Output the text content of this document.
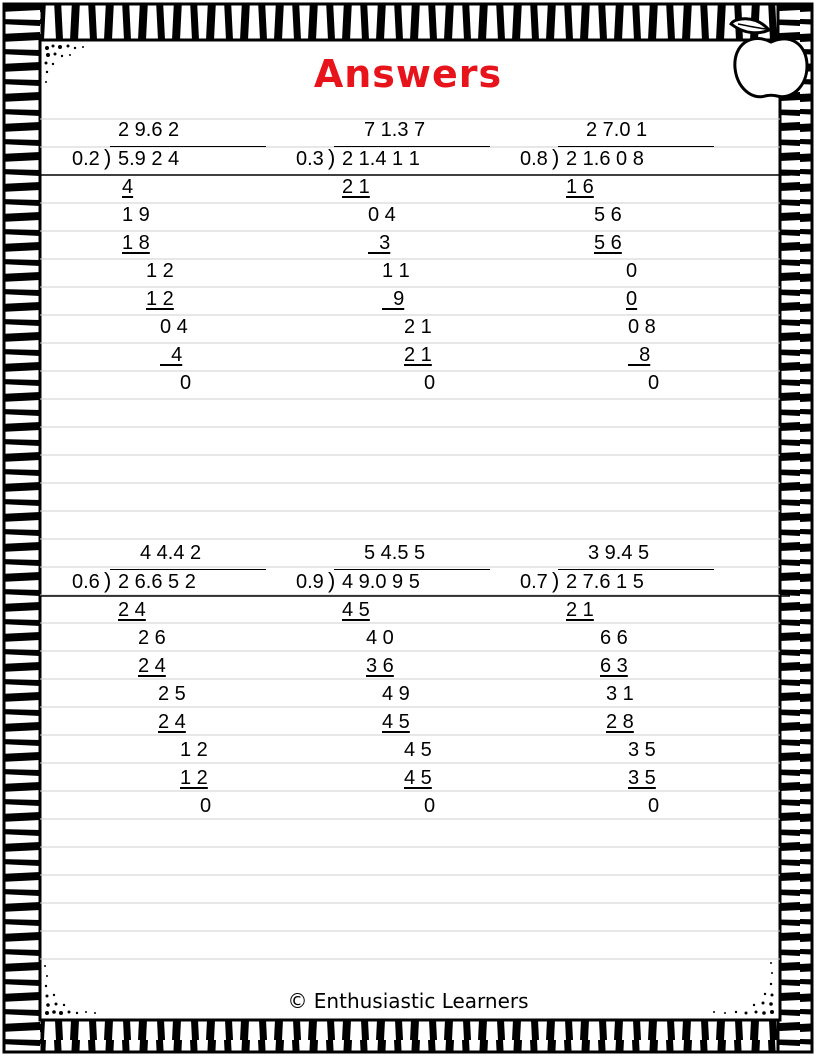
Answers
2 9.6 2
0.2 ) 5.9 2 4
4
1 9
1 8
1 2
1 2
0 4
4
0
7 1.3 7
0.3 ) 2 1.4 1 1
2 1
0 4
3
1 1
9
2 1
2 1
0
2 7.0 1
0.8 ) 2 1.6 0 8
1 6
5 6
5 6
0
0
0 8
8
0
4 4.4 2
0.6 ) 2 6.6 5 2
2 4
2 6
2 4
2 5
2 4
1 2
1 2
0
5 4.5 5
0.9 ) 4 9.0 9 5
4 5
4 0
3 6
4 9
4 5
4 5
4 5
0
3 9.4 5
0.7 ) 2 7.6 1 5
2 1
6 6
6 3
3 1
2 8
3 5
3 5
0
© Enthusiastic Learners
